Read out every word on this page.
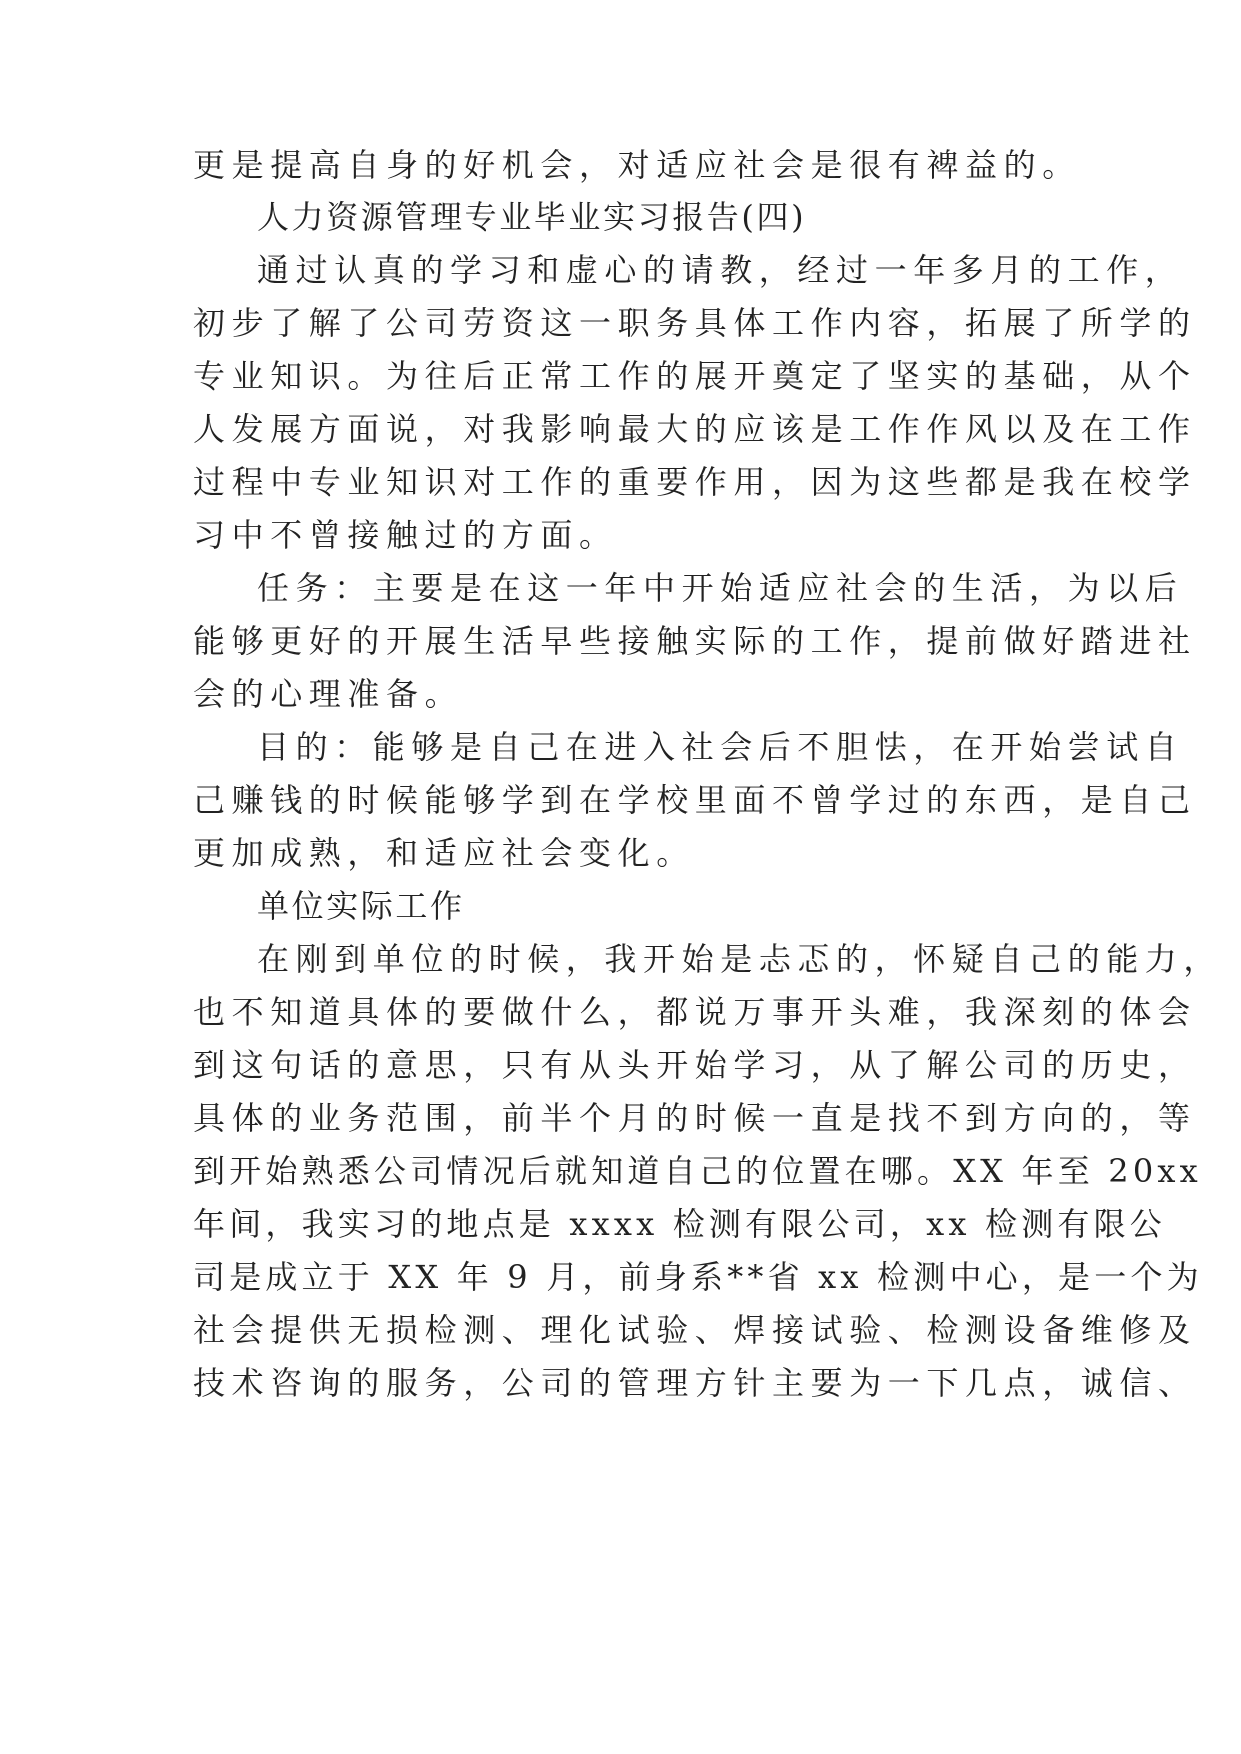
更是提高自身的好机会，对适应社会是很有裨益的。
人力资源管理专业毕业实习报告(四)
通过认真的学习和虚心的请教，经过一年多月的工作，
初步了解了公司劳资这一职务具体工作内容，拓展了所学的
专业知识。为往后正常工作的展开奠定了坚实的基础，从个
人发展方面说，对我影响最大的应该是工作作风以及在工作
过程中专业知识对工作的重要作用，因为这些都是我在校学
习中不曾接触过的方面。
任务：主要是在这一年中开始适应社会的生活，为以后
能够更好的开展生活早些接触实际的工作，提前做好踏进社
会的心理准备。
目的：能够是自己在进入社会后不胆怯，在开始尝试自
己赚钱的时候能够学到在学校里面不曾学过的东西，是自己
更加成熟，和适应社会变化。
单位实际工作
在刚到单位的时候，我开始是忐忑的，怀疑自己的能力，
也不知道具体的要做什么，都说万事开头难，我深刻的体会
到这句话的意思，只有从头开始学习，从了解公司的历史，
具体的业务范围，前半个月的时候一直是找不到方向的，等
到开始熟悉公司情况后就知道自己的位置在哪。XX 年至 20xx
年间，我实习的地点是 xxxx 检测有限公司，xx 检测有限公
司是成立于 XX 年 9 月，前身系**省 xx 检测中心，是一个为
社会提供无损检测、理化试验、焊接试验、检测设备维修及
技术咨询的服务，公司的管理方针主要为一下几点，诚信、
